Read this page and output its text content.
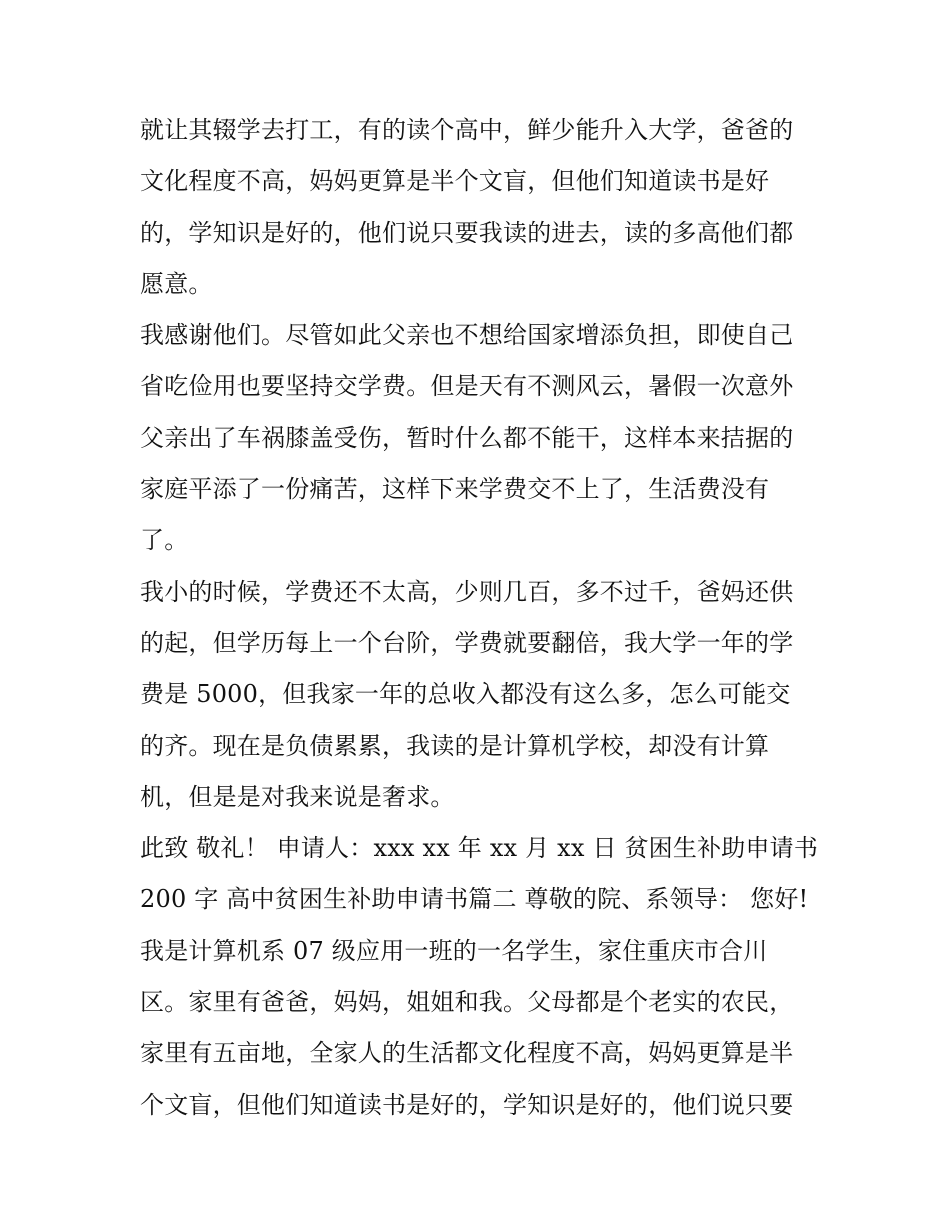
就让其辍学去打工，有的读个高中，鲜少能升入大学，爸爸的
文化程度不高，妈妈更算是半个文盲，但他们知道读书是好
的，学知识是好的，他们说只要我读的进去，读的多高他们都
愿意。
我感谢他们。尽管如此父亲也不想给国家增添负担，即使自己
省吃俭用也要坚持交学费。但是天有不测风云，暑假一次意外
父亲出了车祸膝盖受伤，暂时什么都不能干，这样本来拮据的
家庭平添了一份痛苦，这样下来学费交不上了，生活费没有
了。
我小的时候，学费还不太高，少则几百，多不过千，爸妈还供
的起，但学历每上一个台阶，学费就要翻倍，我大学一年的学
费是 5000，但我家一年的总收入都没有这么多，怎么可能交
的齐。现在是负债累累，我读的是计算机学校，却没有计算
机，但是是对我来说是奢求。
此致 敬礼！ 申请人：xxx xx 年 xx 月 xx 日 贫困生补助申请书
200 字 高中贫困生补助申请书篇二 尊敬的院、系领导： 您好!
我是计算机系 07 级应用一班的一名学生，家住重庆市合川
区。家里有爸爸，妈妈，姐姐和我。父母都是个老实的农民，
家里有五亩地，全家人的生活都文化程度不高，妈妈更算是半
个文盲，但他们知道读书是好的，学知识是好的，他们说只要
